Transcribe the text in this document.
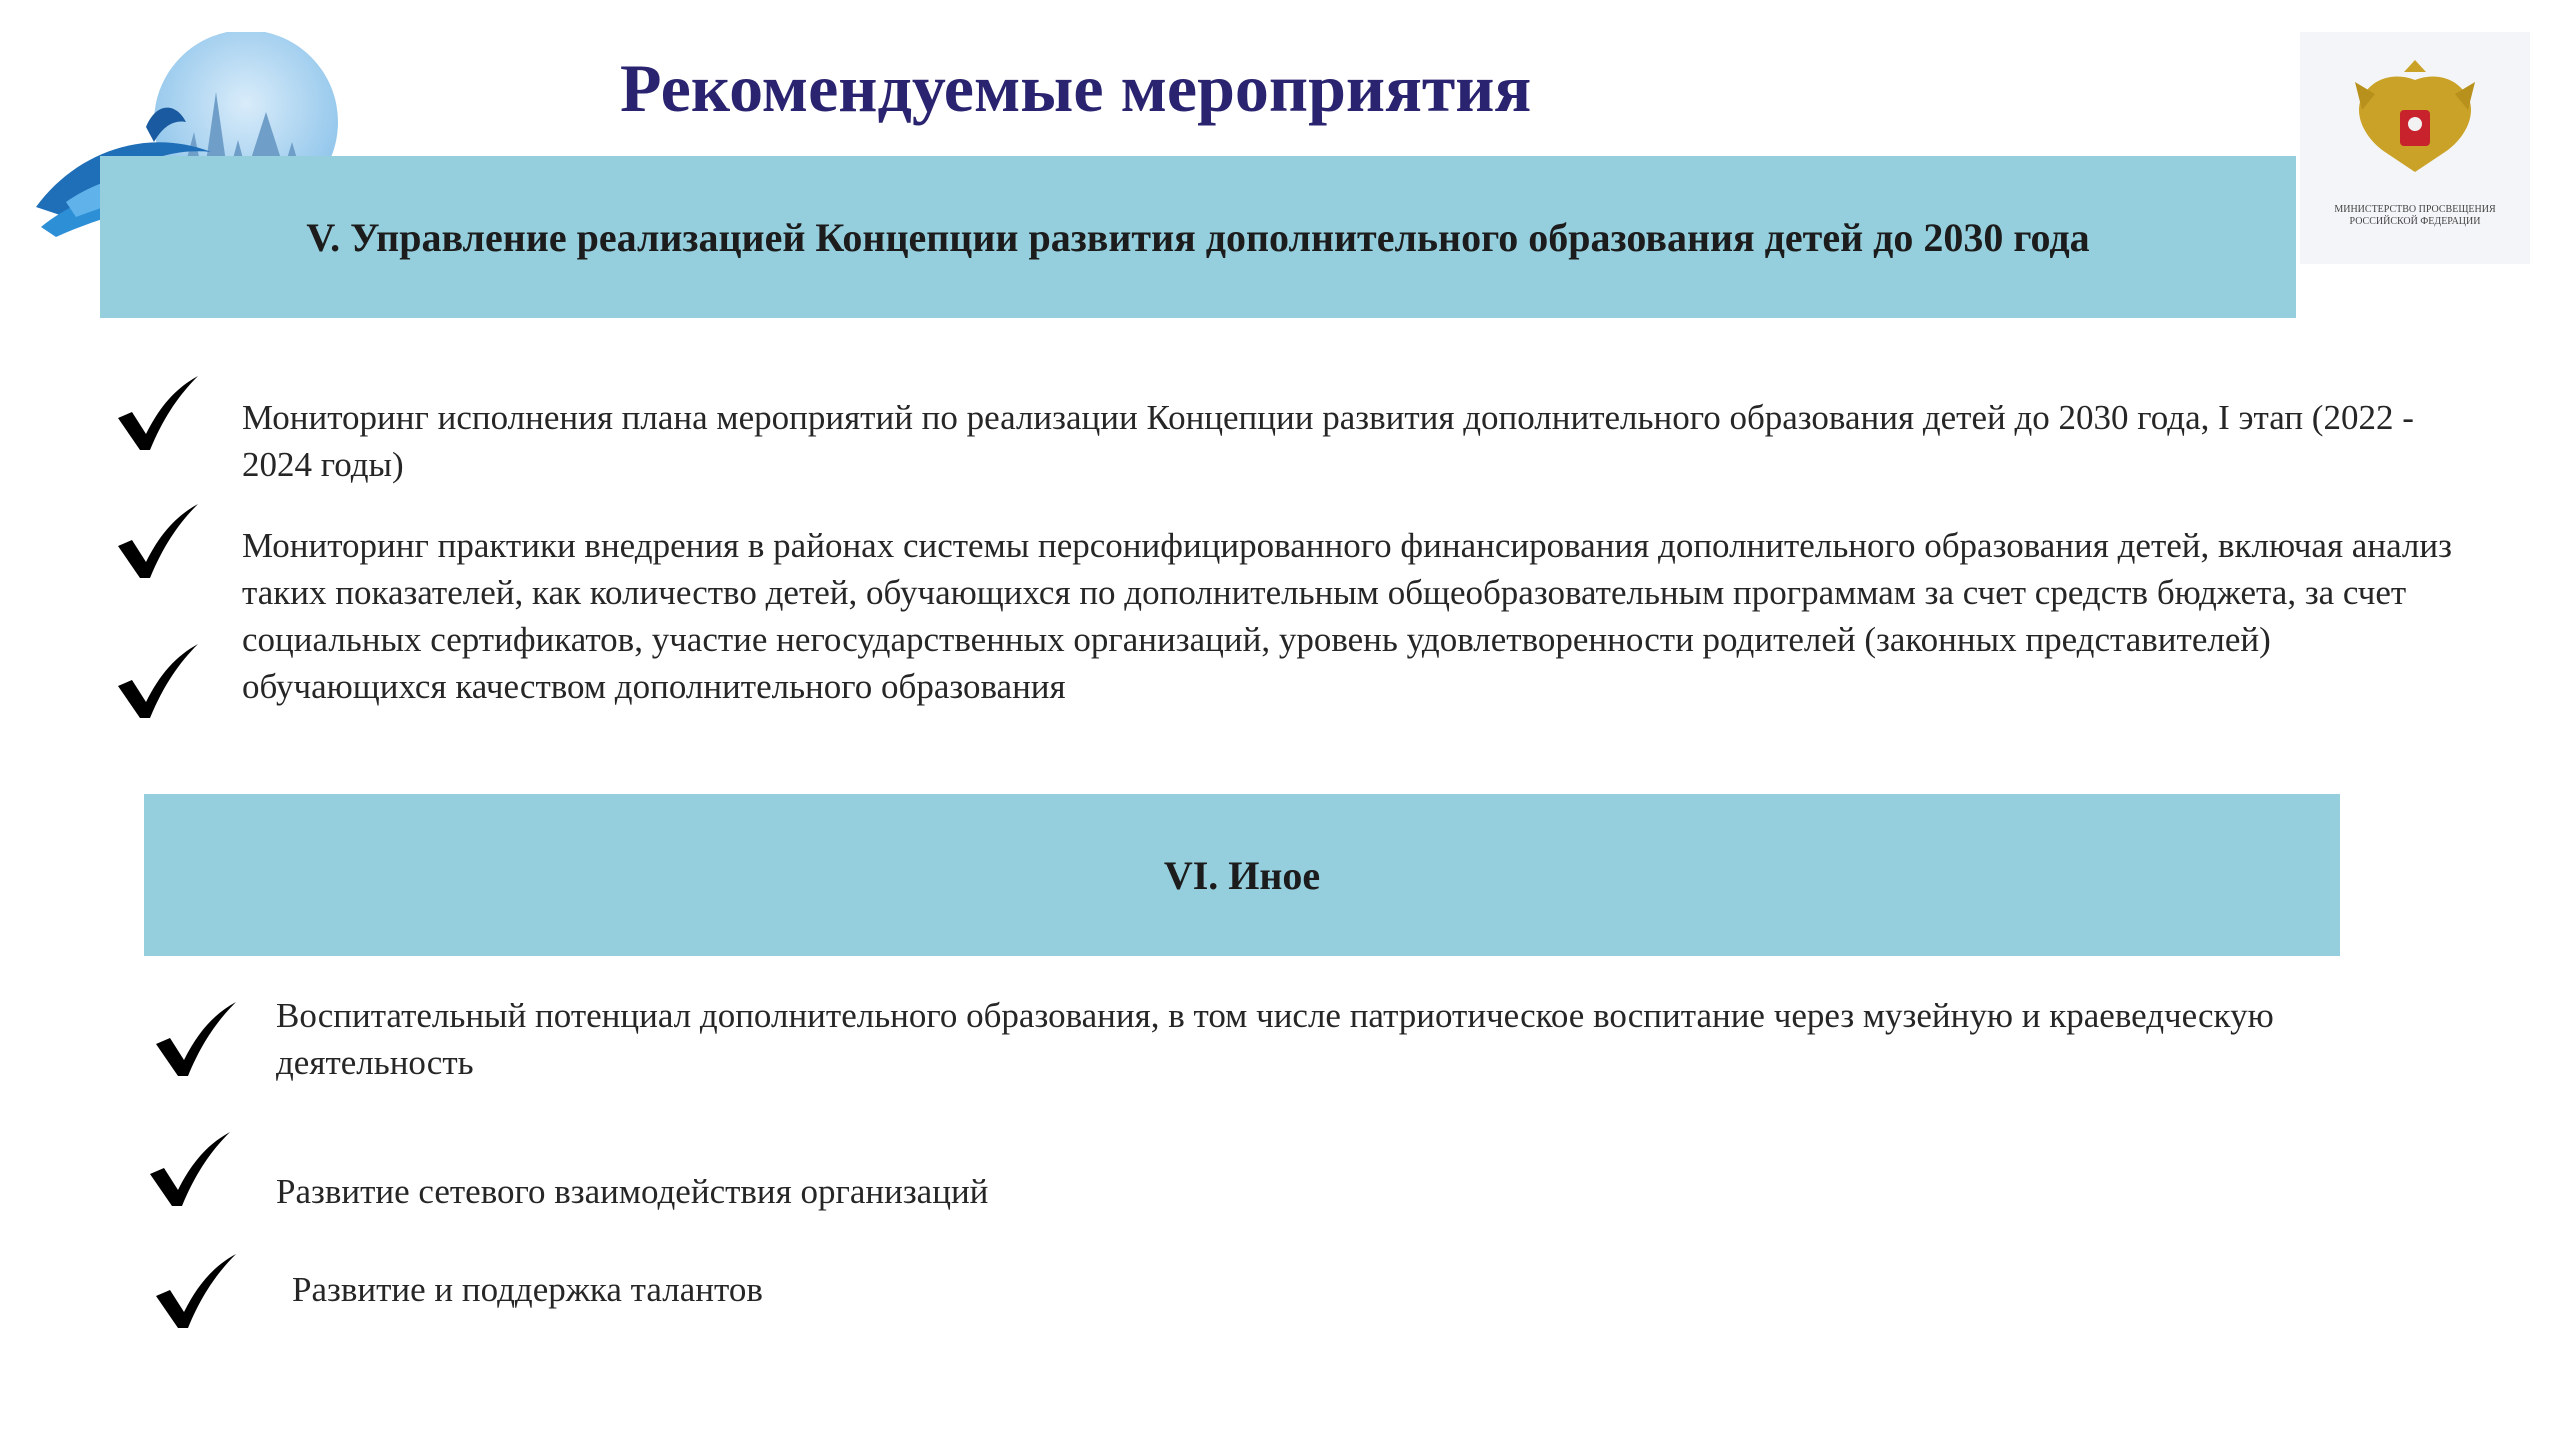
МИНИСТЕРСТВО ПРОСВЕЩЕНИЯ РОССИЙСКОЙ ФЕДЕРАЦИИ
Рекомендуемые мероприятия
V. Управление реализацией Концепции развития дополнительного образования детей до 2030 года
Мониторинг исполнения плана мероприятий по реализации Концепции развития дополнительного образования детей до 2030 года, I этап (2022 - 2024 годы)
Мониторинг практики внедрения в районах системы персонифицированного финансирования дополнительного образования детей, включая анализ таких показателей, как количество детей, обучающихся по дополнительным общеобразовательным программам за счет средств бюджета, за счет социальных сертификатов, участие негосударственных организаций, уровень удовлетворенности родителей (законных представителей) обучающихся качеством дополнительного образования
VI. Иное
Воспитательный потенциал дополнительного образования, в том числе патриотическое воспитание через музейную и краеведческую деятельность
Развитие сетевого взаимодействия организаций
Развитие и поддержка талантов
